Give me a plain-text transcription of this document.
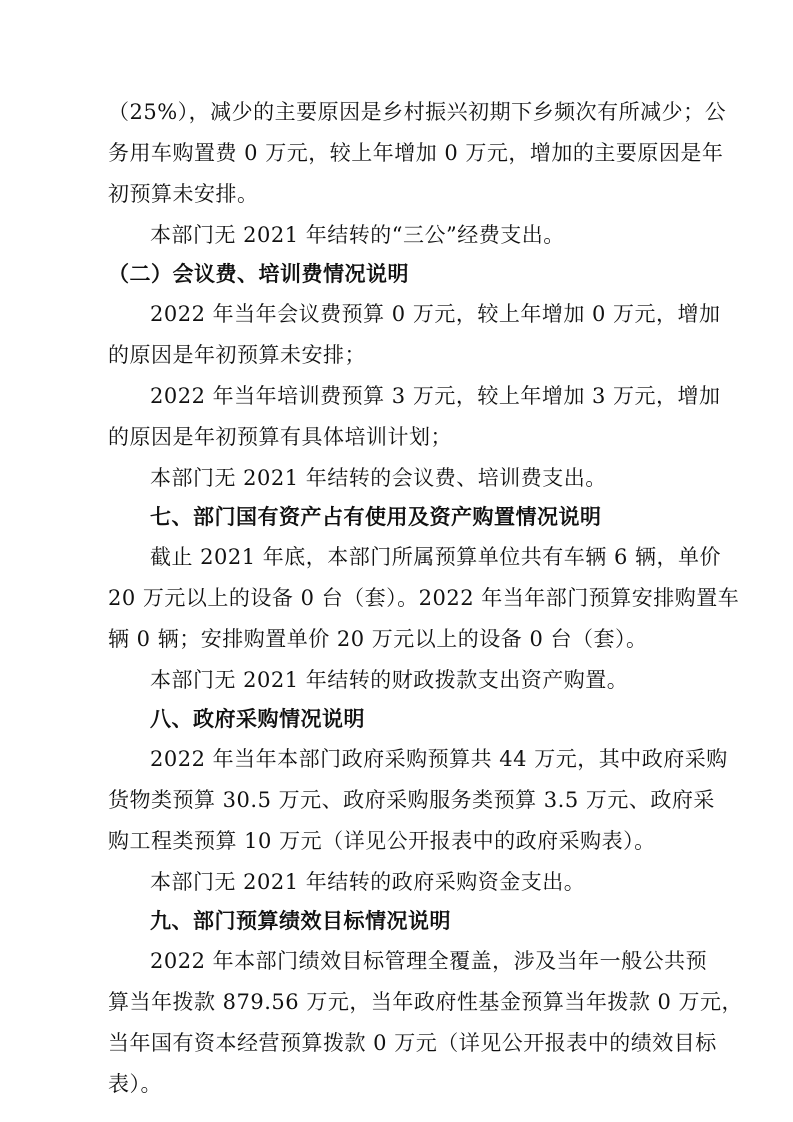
（25%），减少的主要原因是乡村振兴初期下乡频次有所减少；公
务用车购置费 0 万元，较上年增加 0 万元，增加的主要原因是年
初预算未安排。
本部门无 2021 年结转的“三公”经费支出。
（二）会议费、培训费情况说明
2022 年当年会议费预算 0 万元，较上年增加 0 万元，增加
的原因是年初预算未安排；
2022 年当年培训费预算 3 万元，较上年增加 3 万元，增加
的原因是年初预算有具体培训计划；
本部门无 2021 年结转的会议费、培训费支出。
七、部门国有资产占有使用及资产购置情况说明
截止 2021 年底，本部门所属预算单位共有车辆 6 辆，单价
20 万元以上的设备 0 台（套）。2022 年当年部门预算安排购置车
辆 0 辆；安排购置单价 20 万元以上的设备 0 台（套）。
本部门无 2021 年结转的财政拨款支出资产购置。
八、政府采购情况说明
2022 年当年本部门政府采购预算共 44 万元，其中政府采购
货物类预算 30.5 万元、政府采购服务类预算 3.5 万元、政府采
购工程类预算 10 万元（详见公开报表中的政府采购表）。
本部门无 2021 年结转的政府采购资金支出。
九、部门预算绩效目标情况说明
2022 年本部门绩效目标管理全覆盖，涉及当年一般公共预
算当年拨款 879.56 万元，当年政府性基金预算当年拨款 0 万元，
当年国有资本经营预算拨款 0 万元（详见公开报表中的绩效目标
表）。
